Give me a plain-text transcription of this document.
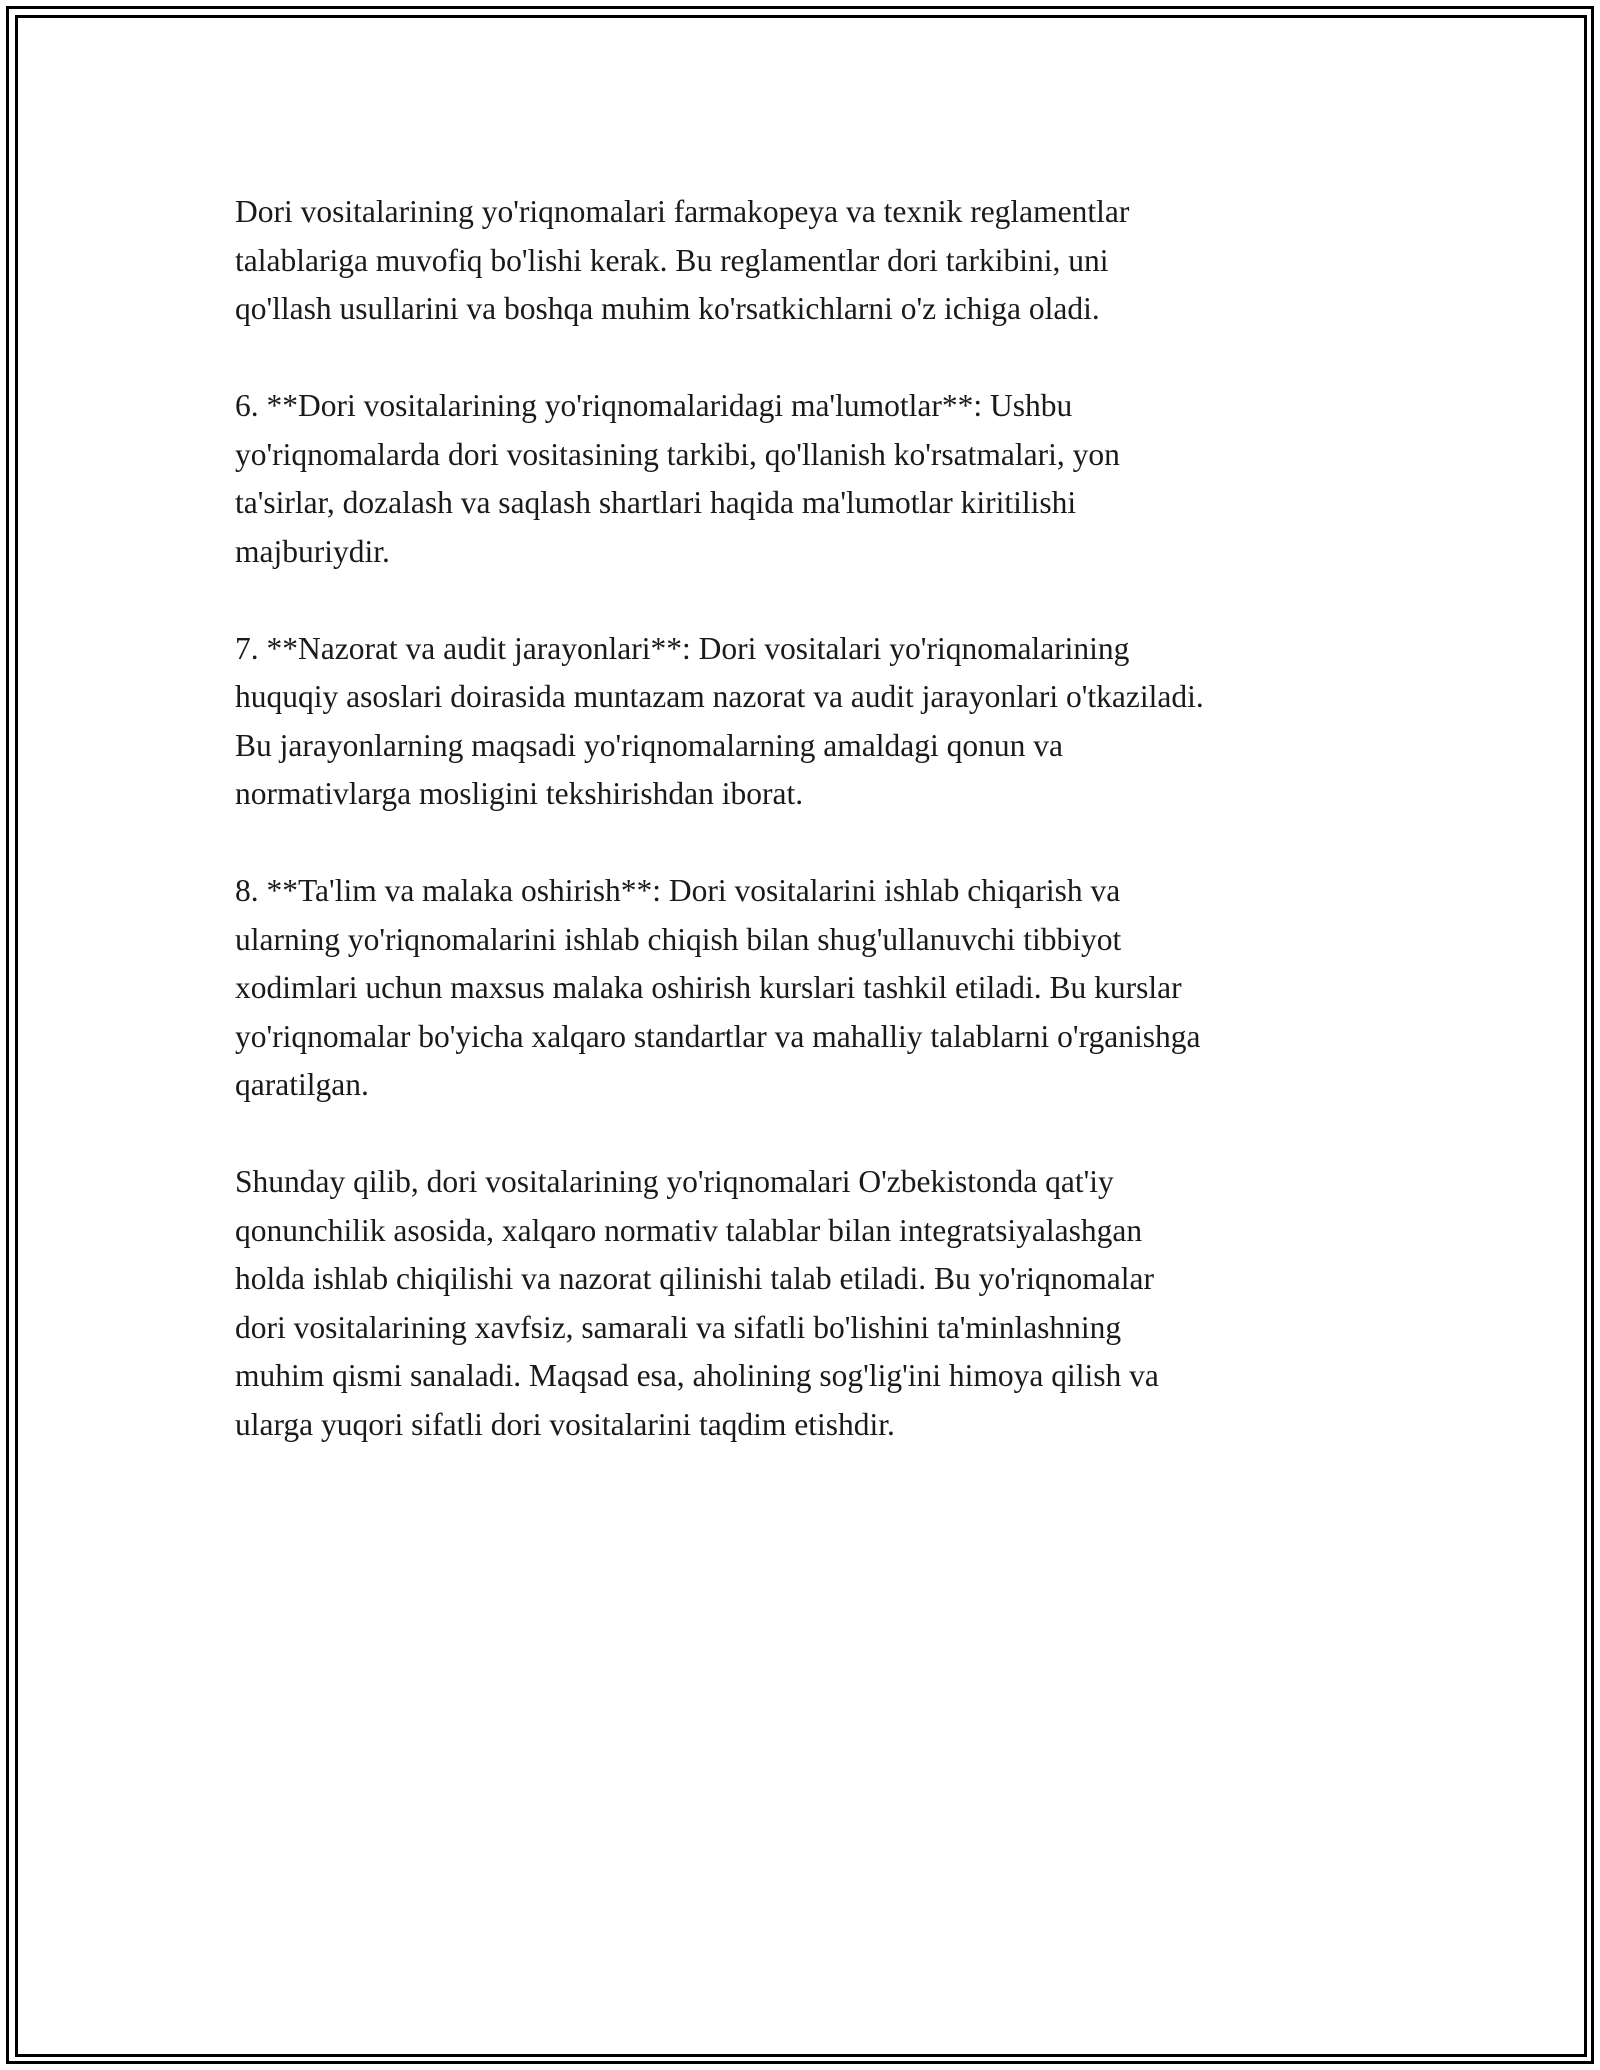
Dori vositalarining yo'riqnomalari farmakopeya va texnik reglamentlar
talablariga muvofiq bo'lishi kerak. Bu reglamentlar dori tarkibini, uni
qo'llash usullarini va boshqa muhim ko'rsatkichlarni o'z ichiga oladi.

6. **Dori vositalarining yo'riqnomalaridagi ma'lumotlar**: Ushbu
yo'riqnomalarda dori vositasining tarkibi, qo'llanish ko'rsatmalari, yon
ta'sirlar, dozalash va saqlash shartlari haqida ma'lumotlar kiritilishi
majburiydir.

7. **Nazorat va audit jarayonlari**: Dori vositalari yo'riqnomalarining
huquqiy asoslari doirasida muntazam nazorat va audit jarayonlari o'tkaziladi.
Bu jarayonlarning maqsadi yo'riqnomalarning amaldagi qonun va
normativlarga mosligini tekshirishdan iborat.

8. **Ta'lim va malaka oshirish**: Dori vositalarini ishlab chiqarish va
ularning yo'riqnomalarini ishlab chiqish bilan shug'ullanuvchi tibbiyot
xodimlari uchun maxsus malaka oshirish kurslari tashkil etiladi. Bu kurslar
yo'riqnomalar bo'yicha xalqaro standartlar va mahalliy talablarni o'rganishga
qaratilgan.

Shunday qilib, dori vositalarining yo'riqnomalari O'zbekistonda qat'iy
qonunchilik asosida, xalqaro normativ talablar bilan integratsiyalashgan
holda ishlab chiqilishi va nazorat qilinishi talab etiladi. Bu yo'riqnomalar
dori vositalarining xavfsiz, samarali va sifatli bo'lishini ta'minlashning
muhim qismi sanaladi. Maqsad esa, aholining sog'lig'ini himoya qilish va
ularga yuqori sifatli dori vositalarini taqdim etishdir.
